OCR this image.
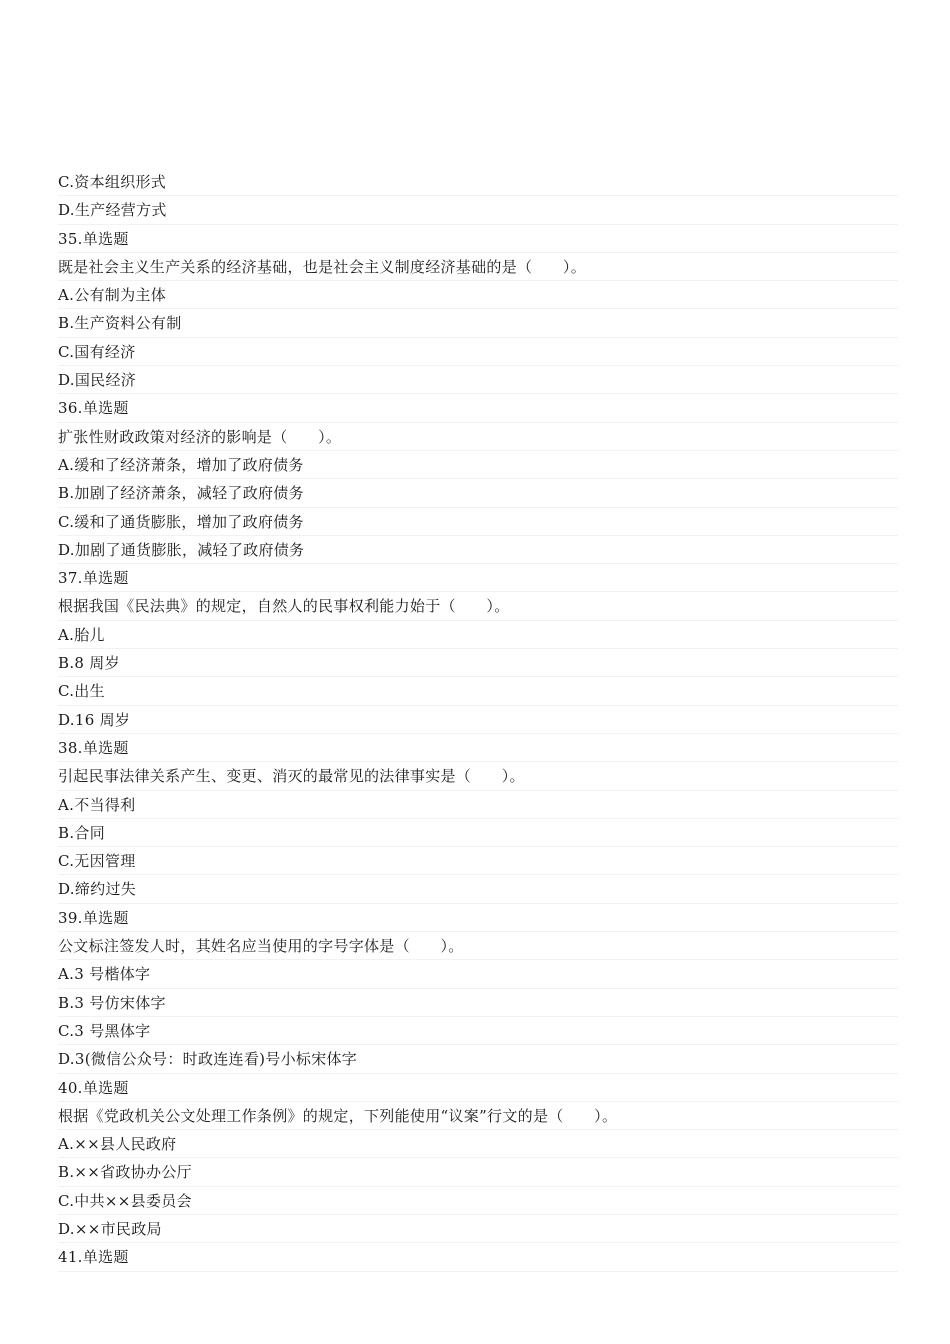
C.资本组织形式
D.生产经营方式
35.单选题
既是社会主义生产关系的经济基础，也是社会主义制度经济基础的是（　　）。
A.公有制为主体
B.生产资料公有制
C.国有经济
D.国民经济
36.单选题
扩张性财政政策对经济的影响是（　　）。
A.缓和了经济萧条，增加了政府债务
B.加剧了经济萧条，减轻了政府债务
C.缓和了通货膨胀，增加了政府债务
D.加剧了通货膨胀，减轻了政府债务
37.单选题
根据我国《民法典》的规定，自然人的民事权利能力始于（　　）。
A.胎儿
B.8 周岁
C.出生
D.16 周岁
38.单选题
引起民事法律关系产生、变更、消灭的最常见的法律事实是（　　）。
A.不当得利
B.合同
C.无因管理
D.缔约过失
39.单选题
公文标注签发人时，其姓名应当使用的字号字体是（　　）。
A.3 号楷体字
B.3 号仿宋体字
C.3 号黑体字
D.3(微信公众号：时政连连看)号小标宋体字
40.单选题
根据《党政机关公文处理工作条例》的规定，下列能使用“议案”行文的是（　　）。
A.××县人民政府
B.××省政协办公厅
C.中共××县委员会
D.××市民政局
41.单选题
